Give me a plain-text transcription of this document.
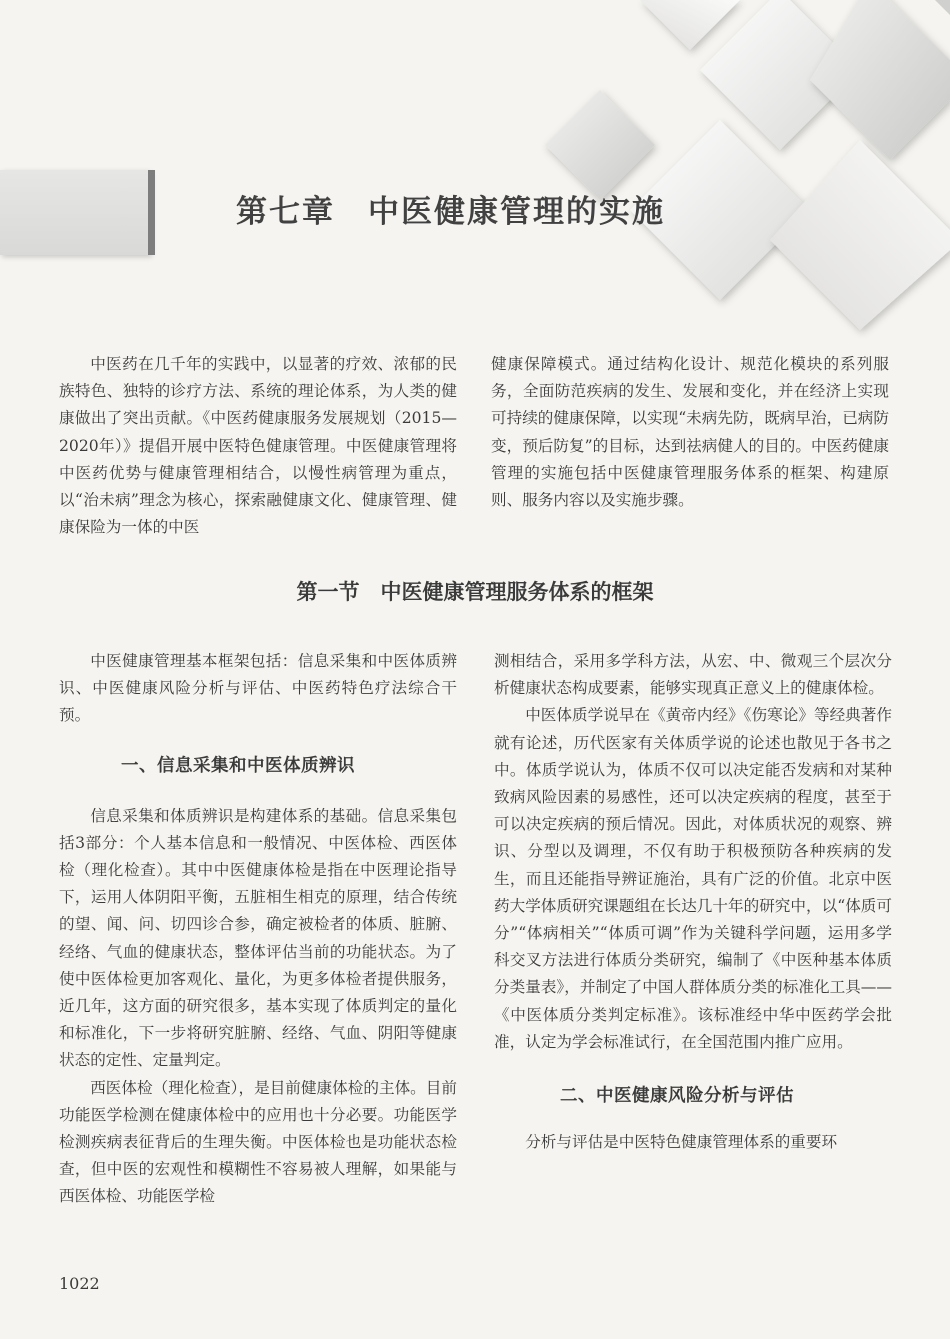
第七章　中医健康管理的实施

中医药在几千年的实践中，以显著的疗效、浓郁的民族特色、独特的诊疗方法、系统的理论体系，为人类的健康做出了突出贡献。《中医药健康服务发展规划（2015—2020年）》提倡开展中医特色健康管理。中医健康管理将中医药优势与健康管理相结合，以慢性病管理为重点，以“治未病”理念为核心，探索融健康文化、健康管理、健康保险为一体的中医

健康保障模式。通过结构化设计、规范化模块的系列服务，全面防范疾病的发生、发展和变化，并在经济上实现可持续的健康保障，以实现“未病先防，既病早治，已病防变，预后防复”的目标，达到祛病健人的目的。中医药健康管理的实施包括中医健康管理服务体系的框架、构建原则、服务内容以及实施步骤。

第一节　中医健康管理服务体系的框架

中医健康管理基本框架包括：信息采集和中医体质辨识、中医健康风险分析与评估、中医药特色疗法综合干预。

一、信息采集和中医体质辨识

信息采集和体质辨识是构建体系的基础。信息采集包括3部分：个人基本信息和一般情况、中医体检、西医体检（理化检查）。其中中医健康体检是指在中医理论指导下，运用人体阴阳平衡，五脏相生相克的原理，结合传统的望、闻、问、切四诊合参，确定被检者的体质、脏腑、经络、气血的健康状态，整体评估当前的功能状态。为了使中医体检更加客观化、量化，为更多体检者提供服务，近几年，这方面的研究很多，基本实现了体质判定的量化和标准化，下一步将研究脏腑、经络、气血、阴阳等健康状态的定性、定量判定。

西医体检（理化检查），是目前健康体检的主体。目前功能医学检测在健康体检中的应用也十分必要。功能医学检测疾病表征背后的生理失衡。中医体检也是功能状态检查，但中医的宏观性和模糊性不容易被人理解，如果能与西医体检、功能医学检

测相结合，采用多学科方法，从宏、中、微观三个层次分析健康状态构成要素，能够实现真正意义上的健康体检。

中医体质学说早在《黄帝内经》《伤寒论》等经典著作就有论述，历代医家有关体质学说的论述也散见于各书之中。体质学说认为，体质不仅可以决定能否发病和对某种致病风险因素的易感性，还可以决定疾病的程度，甚至于可以决定疾病的预后情况。因此，对体质状况的观察、辨识、分型以及调理，不仅有助于积极预防各种疾病的发生，而且还能指导辨证施治，具有广泛的价值。北京中医药大学体质研究课题组在长达几十年的研究中，以“体质可分”“体病相关”“体质可调”作为关键科学问题，运用多学科交叉方法进行体质分类研究，编制了《中医种基本体质分类量表》，并制定了中国人群体质分类的标准化工具——《中医体质分类判定标准》。该标准经中华中医药学会批准，认定为学会标准试行，在全国范围内推广应用。

二、中医健康风险分析与评估

分析与评估是中医特色健康管理体系的重要环

1022
